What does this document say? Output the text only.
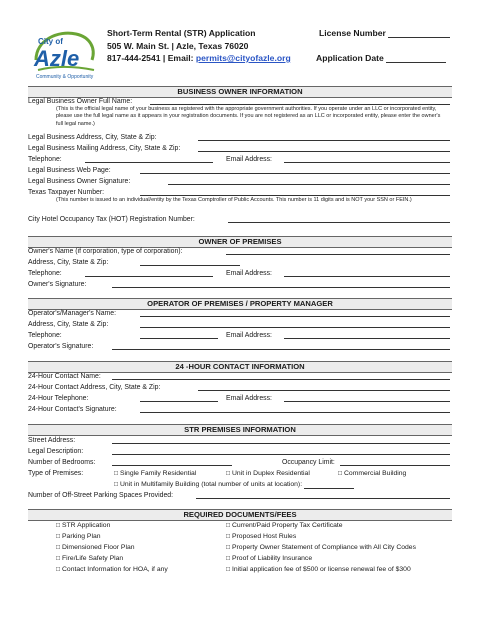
City of
Azle
Community & Opportunity
Short-Term Rental (STR) Application
505 W. Main St. | Azle, Texas 76020
817-444-2541 | Email: permits@cityofazle.org
License Number
Application Date
BUSINESS OWNER INFORMATION
Legal Business Owner Full Name:
(This is the official legal name of your business as registered with the appropriate government authorities. If you operate under an LLC or incorporated entity, please use the full legal name as it appears in your registration documents. If you are not registered as an LLC or incorporated entity, please enter the owner's full legal name.)
Legal Business Address, City, State & Zip:
Legal Business Mailing Address, City, State & Zip:
Telephone:	Email Address:
Legal Business Web Page:
Legal Business Owner Signature:
Texas Taxpayer Number:
(This number is issued to an individual/entity by the Texas Comptroller of Public Accounts. This number is 11 digits and is NOT your SSN or FEIN.)
City Hotel Occupancy Tax (HOT) Registration Number:
OWNER OF PREMISES
Owner's Name (if corporation, type of corporation):
Address, City, State & Zip:
Telephone:	Email Address:
Owner's Signature:
OPERATOR OF PREMISES / PROPERTY MANAGER
Operator's/Manager's Name:
Address, City, State & Zip:
Telephone:	Email Address:
Operator's Signature:
24 -HOUR CONTACT INFORMATION
24-Hour Contact Name:
24-Hour Contact Address, City, State & Zip:
24-Hour Telephone:	Email Address:
24-Hour Contact's Signature:
STR PREMISES INFORMATION
Street Address:
Legal Description:
Number of Bedrooms:	Occupancy Limit:
Type of Premises:	□ Single Family Residential	□ Unit in Duplex Residential	□ Commercial Building
□ Unit in Multifamily Building (total number of units at location):
Number of Off-Street Parking Spaces Provided:
REQUIRED DOCUMENTS/FEES
□ STR Application
□ Parking Plan
□ Dimensioned Floor Plan
□ Fire/Life Safety Plan
□ Contact Information for HOA, if any
□ Current/Paid Property Tax Certificate
□ Proposed Host Rules
□ Property Owner Statement of Compliance with All City Codes
□ Proof of Liability Insurance
□ Initial application fee of $500 or license renewal fee of $300
